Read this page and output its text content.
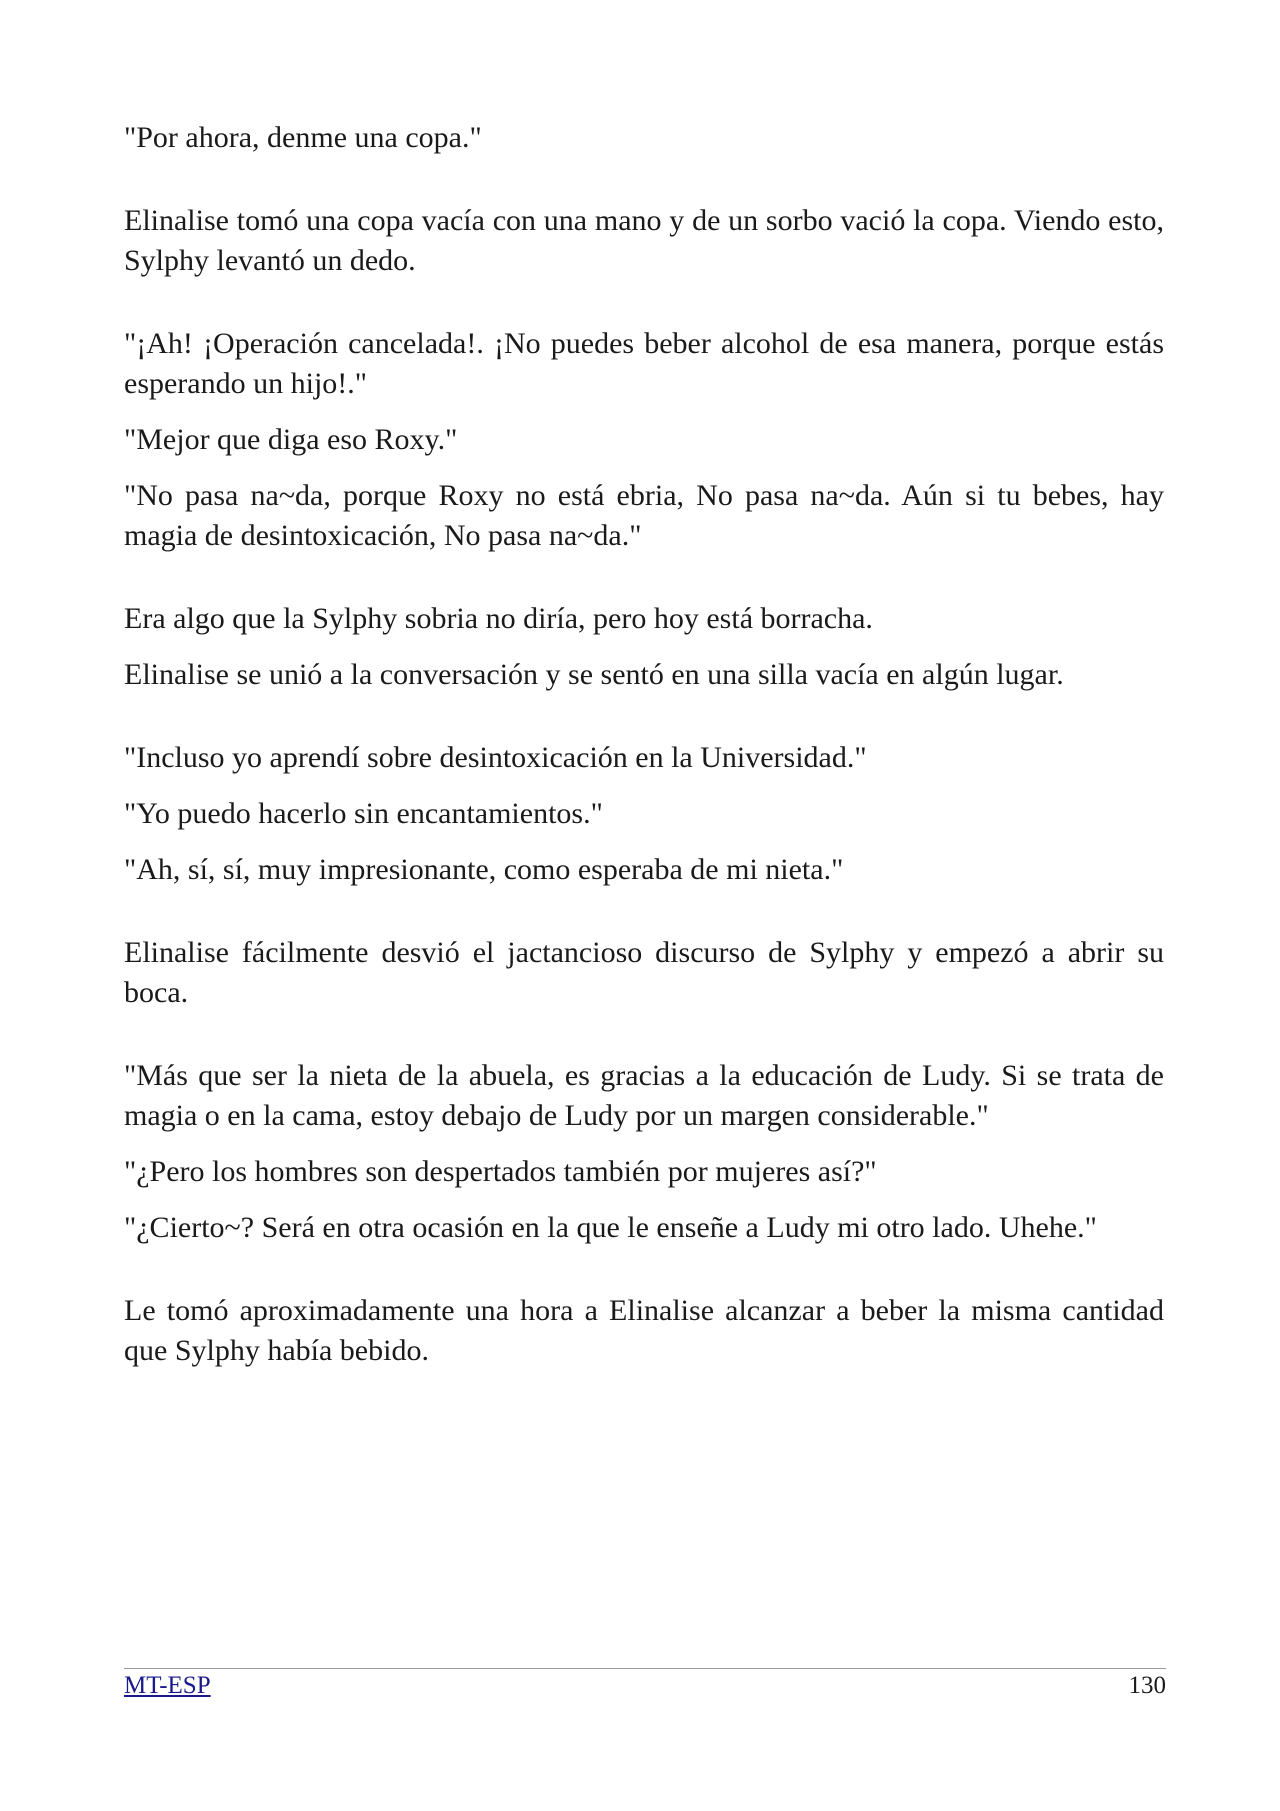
"Por ahora, denme una copa."

Elinalise tomó una copa vacía con una mano y de un sorbo vació la copa. Viendo esto, Sylphy levantó un dedo.

"¡Ah! ¡Operación cancelada!. ¡No puedes beber alcohol de esa manera, porque estás esperando un hijo!."

"Mejor que diga eso Roxy."

"No pasa na~da, porque Roxy no está ebria, No pasa na~da. Aún si tu bebes, hay magia de desintoxicación, No pasa na~da."

Era algo que la Sylphy sobria no diría, pero hoy está borracha.

Elinalise se unió a la conversación y se sentó en una silla vacía en algún lugar.

"Incluso yo aprendí sobre desintoxicación en la Universidad."

"Yo puedo hacerlo sin encantamientos."

"Ah, sí, sí, muy impresionante, como esperaba de mi nieta."

Elinalise fácilmente desvió el jactancioso discurso de Sylphy y empezó a abrir su boca.

"Más que ser la nieta de la abuela, es gracias a la educación de Ludy. Si se trata de magia o en la cama, estoy debajo de Ludy por un margen considerable."

"¿Pero los hombres son despertados también por mujeres así?"

"¿Cierto~? Será en otra ocasión en la que le enseñe a Ludy mi otro lado. Uhehe."

Le tomó aproximadamente una hora a Elinalise alcanzar a beber la misma cantidad que Sylphy había bebido.

MT-ESP	130
